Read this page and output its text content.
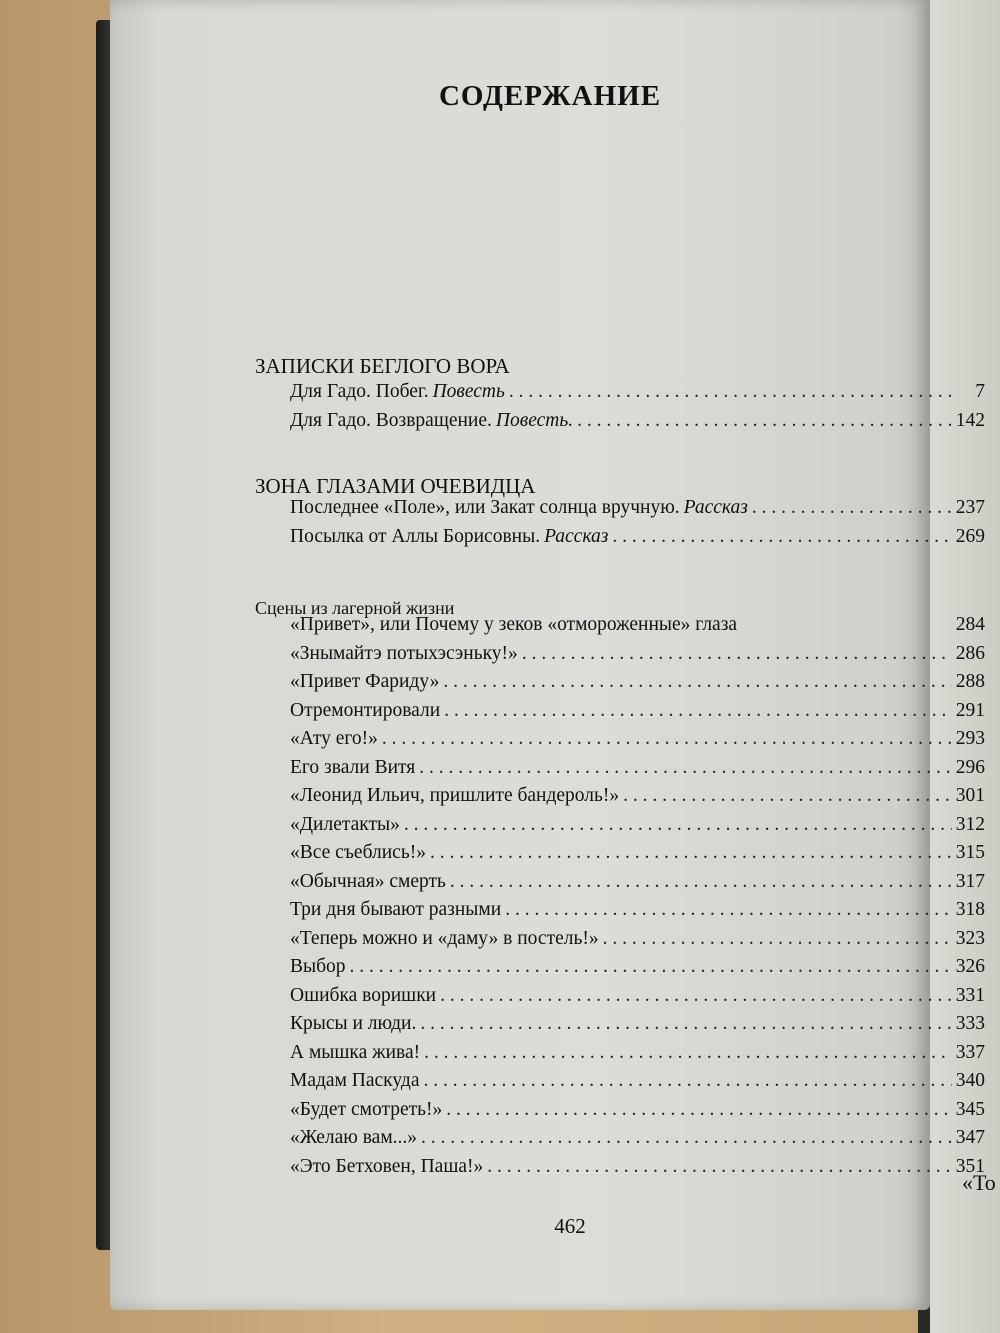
«То
СОДЕРЖАНИЕ
ЗАПИСКИ БЕГЛОГО ВОРА
Для Гадо. Побег. Повесть . . .	7
Для Гадо. Возвращение. Повесть. . . .	142
ЗОНА ГЛАЗАМИ ОЧЕВИДЦА
Последнее «Поле», или Закат солнца вручную. Рассказ . . .	237
Посылка от Аллы Борисовны. Рассказ . . .	269
Сцены из лагерной жизни
«Привет», или Почему у зеков «отмороженные» глаза	284
«Знымайтэ потыхэсэньку!» . . .	286
«Привет Фариду» . . .	288
Отремонтировали . . .	291
«Ату его!» . . .	293
Его звали Витя . . .	296
«Леонид Ильич, пришлите бандероль!» . . .	301
«Дилетакты» . . .	312
«Все съеблись!» . . .	315
«Обычная» смерть . . .	317
Три дня бывают разными . . .	318
«Теперь можно и «даму» в постель!» . . .	323
Выбор . . .	326
Ошибка воришки . . .	331
Крысы и люди. . . .	333
А мышка жива! . . .	337
Мадам Паскуда . . .	340
«Будет смотреть!» . . .	345
«Желаю вам...» . . .	347
«Это Бетховен, Паша!» . . .	351
462
